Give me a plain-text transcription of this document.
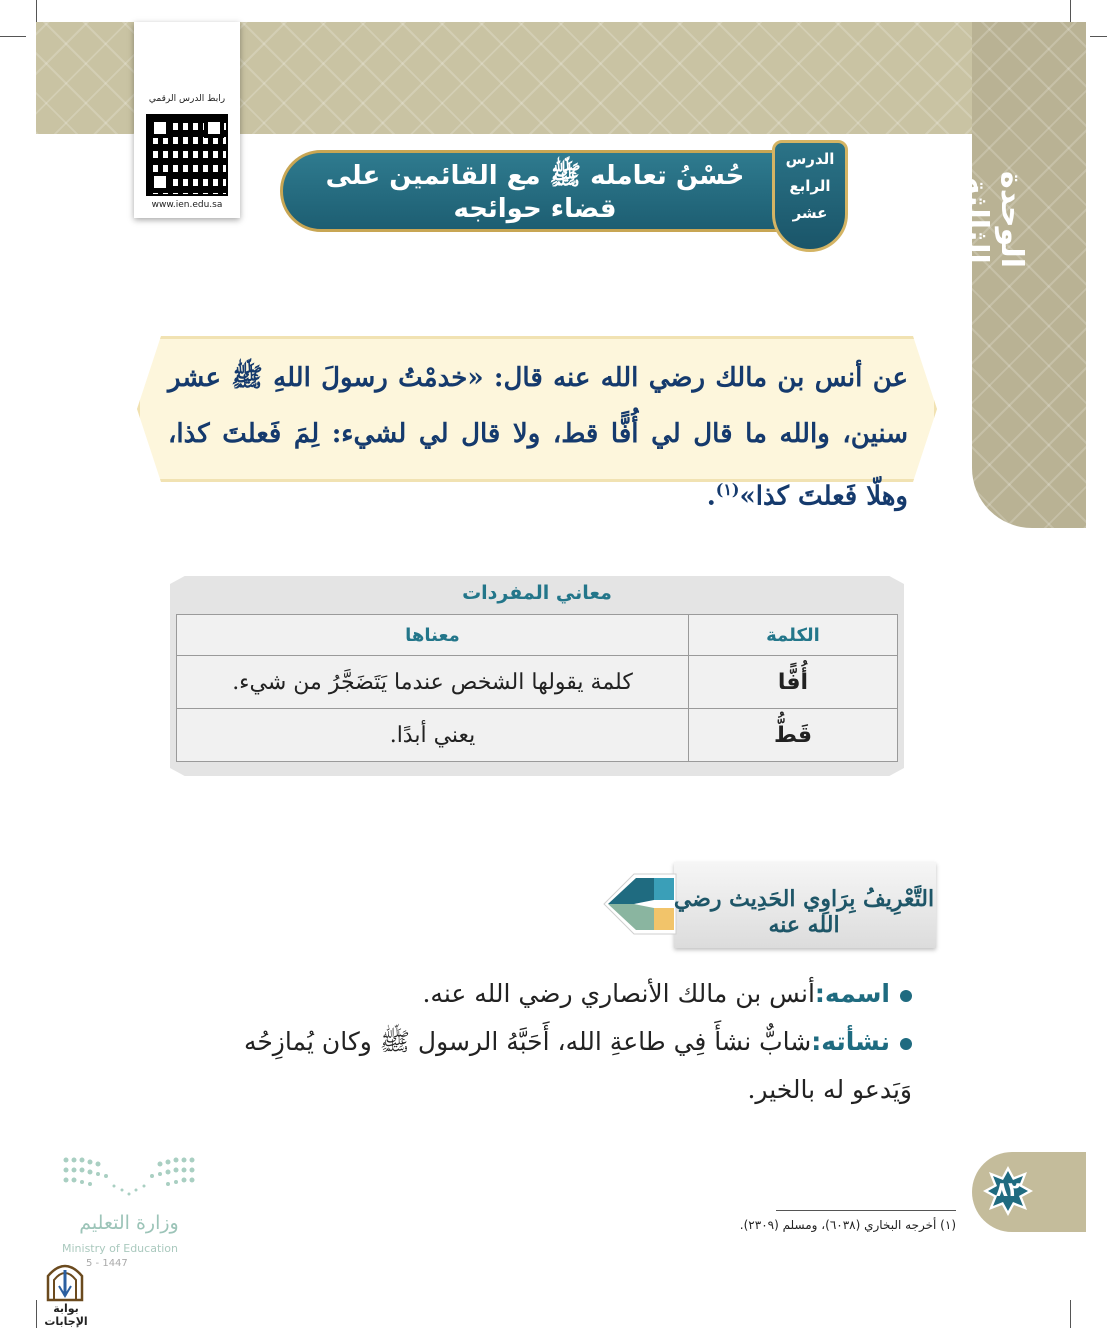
الوحدة الثالثة
رابط الدرس الرقمي
www.ien.edu.sa
حُسْنُ تعامله ﷺ مع القائمين على
قضاء حوائجه
الدرس
الرابع
عشر
عن أنس بن مالك رضي الله عنه قال: «خدمْتُ رسولَ اللهِ ﷺ عشر سنين، والله ما قال لي أُفًّا قط، ولا قال لي لشيء: لِمَ فَعلتَ كذا، وهلّا فَعلتَ كذا»$^{(١)}$.
معاني المفردات
الكلمة	معناها
أُفًّا	كلمة يقولها الشخص عندما يَتَضَجَّرُ من شيء.
قَطُّ	يعني أبدًا.
التَّعْرِيفُ بِرَاوِي الحَدِيث رضي الله عنه
اسمه:أنس بن مالك الأنصاري رضي الله عنه.
نشأته:شابٌّ نشأَ فِي طاعةِ الله، أَحَبَّهُ الرسول ﷺ وكان يُمازِحُه وَيَدعو له بالخير.
(١) أخرجه البخاري (٦٠٣٨)، ومسلم (٢٣٠٩).
٨٢
وزارة التعليم
Ministry of Education
5 - 1447
بوابة الإجابات
